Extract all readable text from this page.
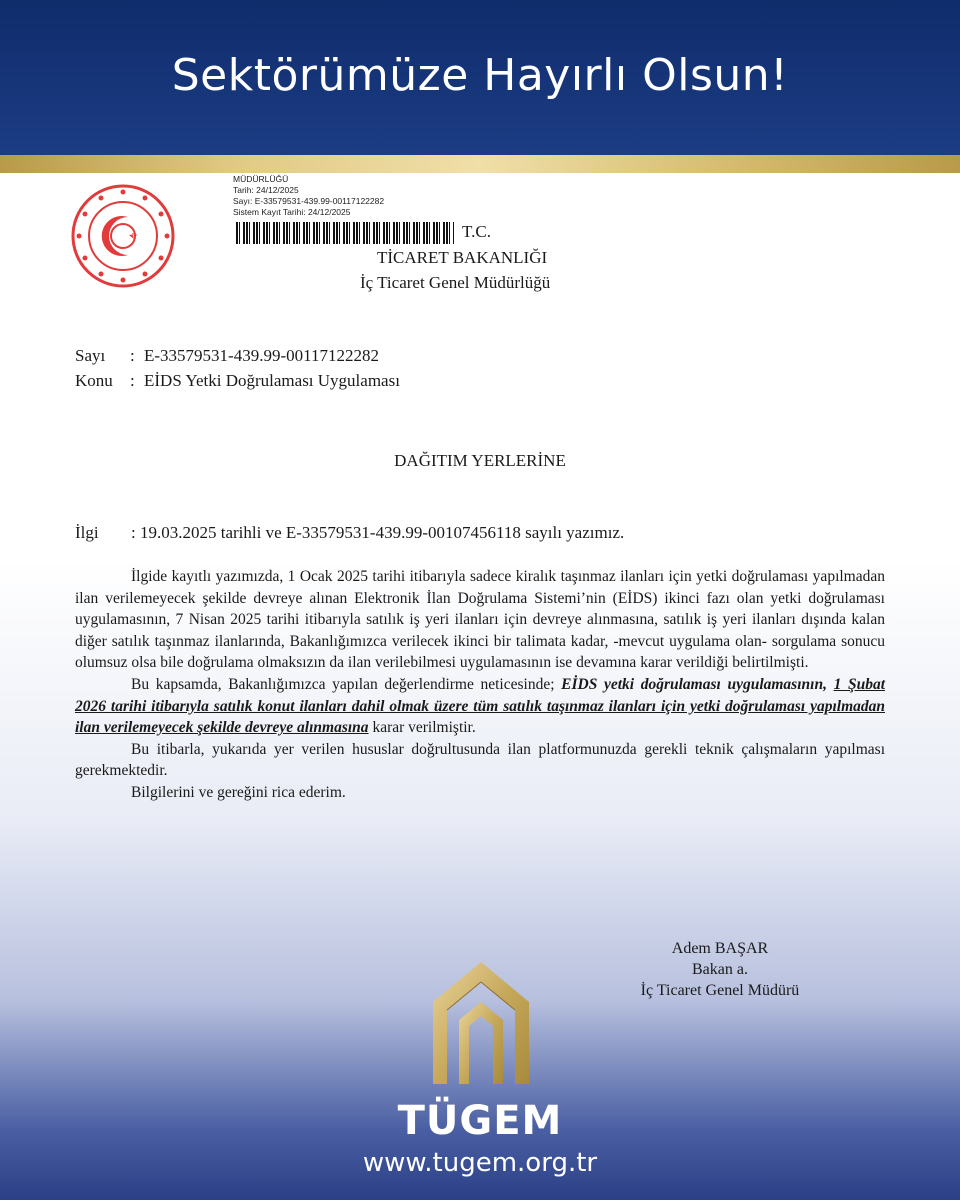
Sektörümüze Hayırlı Olsun!
MÜDÜRLÜĞÜ
Tarih: 24/12/2025
Sayı: E-33579531-439.99-00117122282
Sistem Kayıt Tarihi: 24/12/2025
T.C.
TİCARET BAKANLIĞI
İç Ticaret Genel Müdürlüğü
Sayı : E-33579531-439.99-00117122282
Konu : EİDS Yetki Doğrulaması Uygulaması
DAĞITIM YERLERİNE
İlgi : 19.03.2025 tarihli ve E-33579531-439.99-00107456118 sayılı yazımız.
İlgide kayıtlı yazımızda, 1 Ocak 2025 tarihi itibarıyla sadece kiralık taşınmaz ilanları için yetki doğrulaması yapılmadan ilan verilemeyecek şekilde devreye alınan Elektronik İlan Doğrulama Sistemi’nin (EİDS) ikinci fazı olan yetki doğrulaması uygulamasının, 7 Nisan 2025 tarihi itibarıyla satılık iş yeri ilanları için devreye alınmasına, satılık iş yeri ilanları dışında kalan diğer satılık taşınmaz ilanlarında, Bakanlığımızca verilecek ikinci bir talimata kadar, -mevcut uygulama olan- sorgulama sonucu olumsuz olsa bile doğrulama olmaksızın da ilan verilebilmesi uygulamasının ise devamına karar verildiği belirtilmişti.
Bu kapsamda, Bakanlığımızca yapılan değerlendirme neticesinde; EİDS yetki doğrulaması uygulamasının, 1 Şubat 2026 tarihi itibarıyla satılık konut ilanları dahil olmak üzere tüm satılık taşınmaz ilanları için yetki doğrulaması yapılmadan ilan verilemeyecek şekilde devreye alınmasına karar verilmiştir.
Bu itibarla, yukarıda yer verilen hususlar doğrultusunda ilan platformunuzda gerekli teknik çalışmaların yapılması gerekmektedir.
Bilgilerini ve gereğini rica ederim.
Adem BAŞAR
Bakan a.
İç Ticaret Genel Müdürü
TÜGEM
www.tugem.org.tr
